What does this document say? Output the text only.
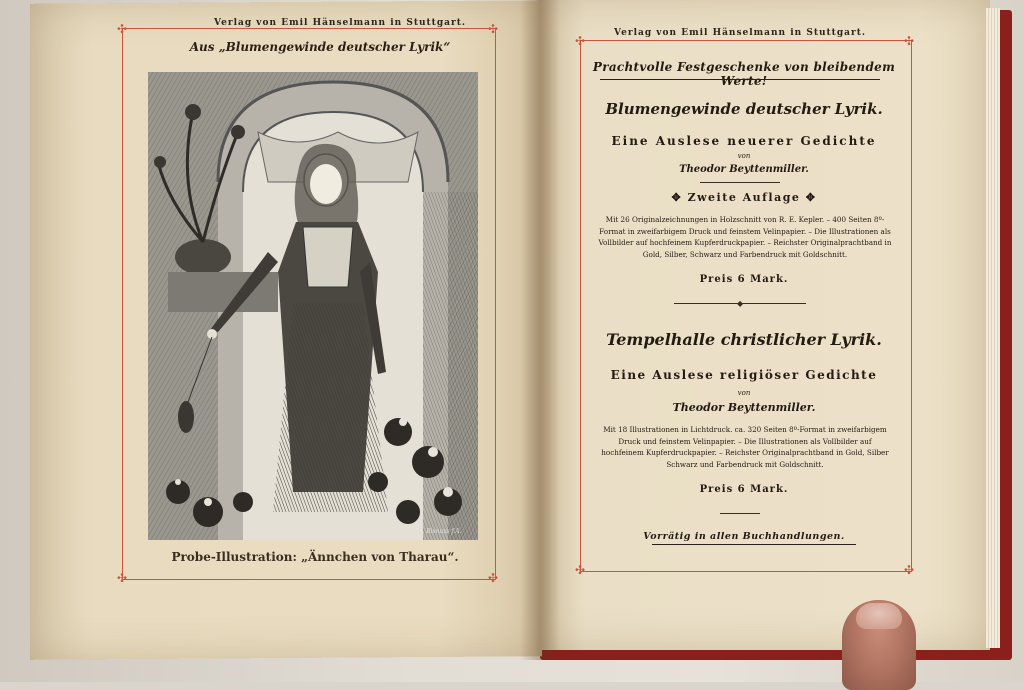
✣	✣
✣	✣
Verlag von Emil Hänselmann in Stuttgart.
Aus „Blumengewinde deutscher Lyrik“
C. Bisnuss f.A.
Probe-Illustration: „Ännchen von Tharau“.
✣	✣
✣	✣
Verlag von Emil Hänselmann in Stuttgart.
Prachtvolle Festgeschenke von bleibendem Werte!
Blumengewinde deutscher Lyrik.
Eine Auslese neuerer Gedichte
von
Theodor Beyttenmiller.
✥ Zweite Auflage ✥
Mit 26 Originalzeichnungen in Holzschnitt von R. E. Kepler. – 400 Seiten 8º-Format in zweifarbigem Druck und feinstem Velinpapier. – Die Illustrationen als Vollbilder auf hochfeinem Kupferdruckpapier. – Reichster Originalprachtband in Gold, Silber, Schwarz und Farbendruck mit Goldschnitt.
Preis 6 Mark.
◆
Tempelhalle christlicher Lyrik.
Eine Auslese religiöser Gedichte
von
Theodor Beyttenmiller.
Mit 18 Illustrationen in Lichtdruck. ca. 320 Seiten 8º-Format in zweifarbigem Druck und feinstem Velinpapier. – Die Illustrationen als Vollbilder auf hochfeinem Kupferdruckpapier. – Reichster Originalprachtband in Gold, Silber Schwarz und Farbendruck mit Goldschnitt.
Preis 6 Mark.
Vorrätig in allen Buchhandlungen.
